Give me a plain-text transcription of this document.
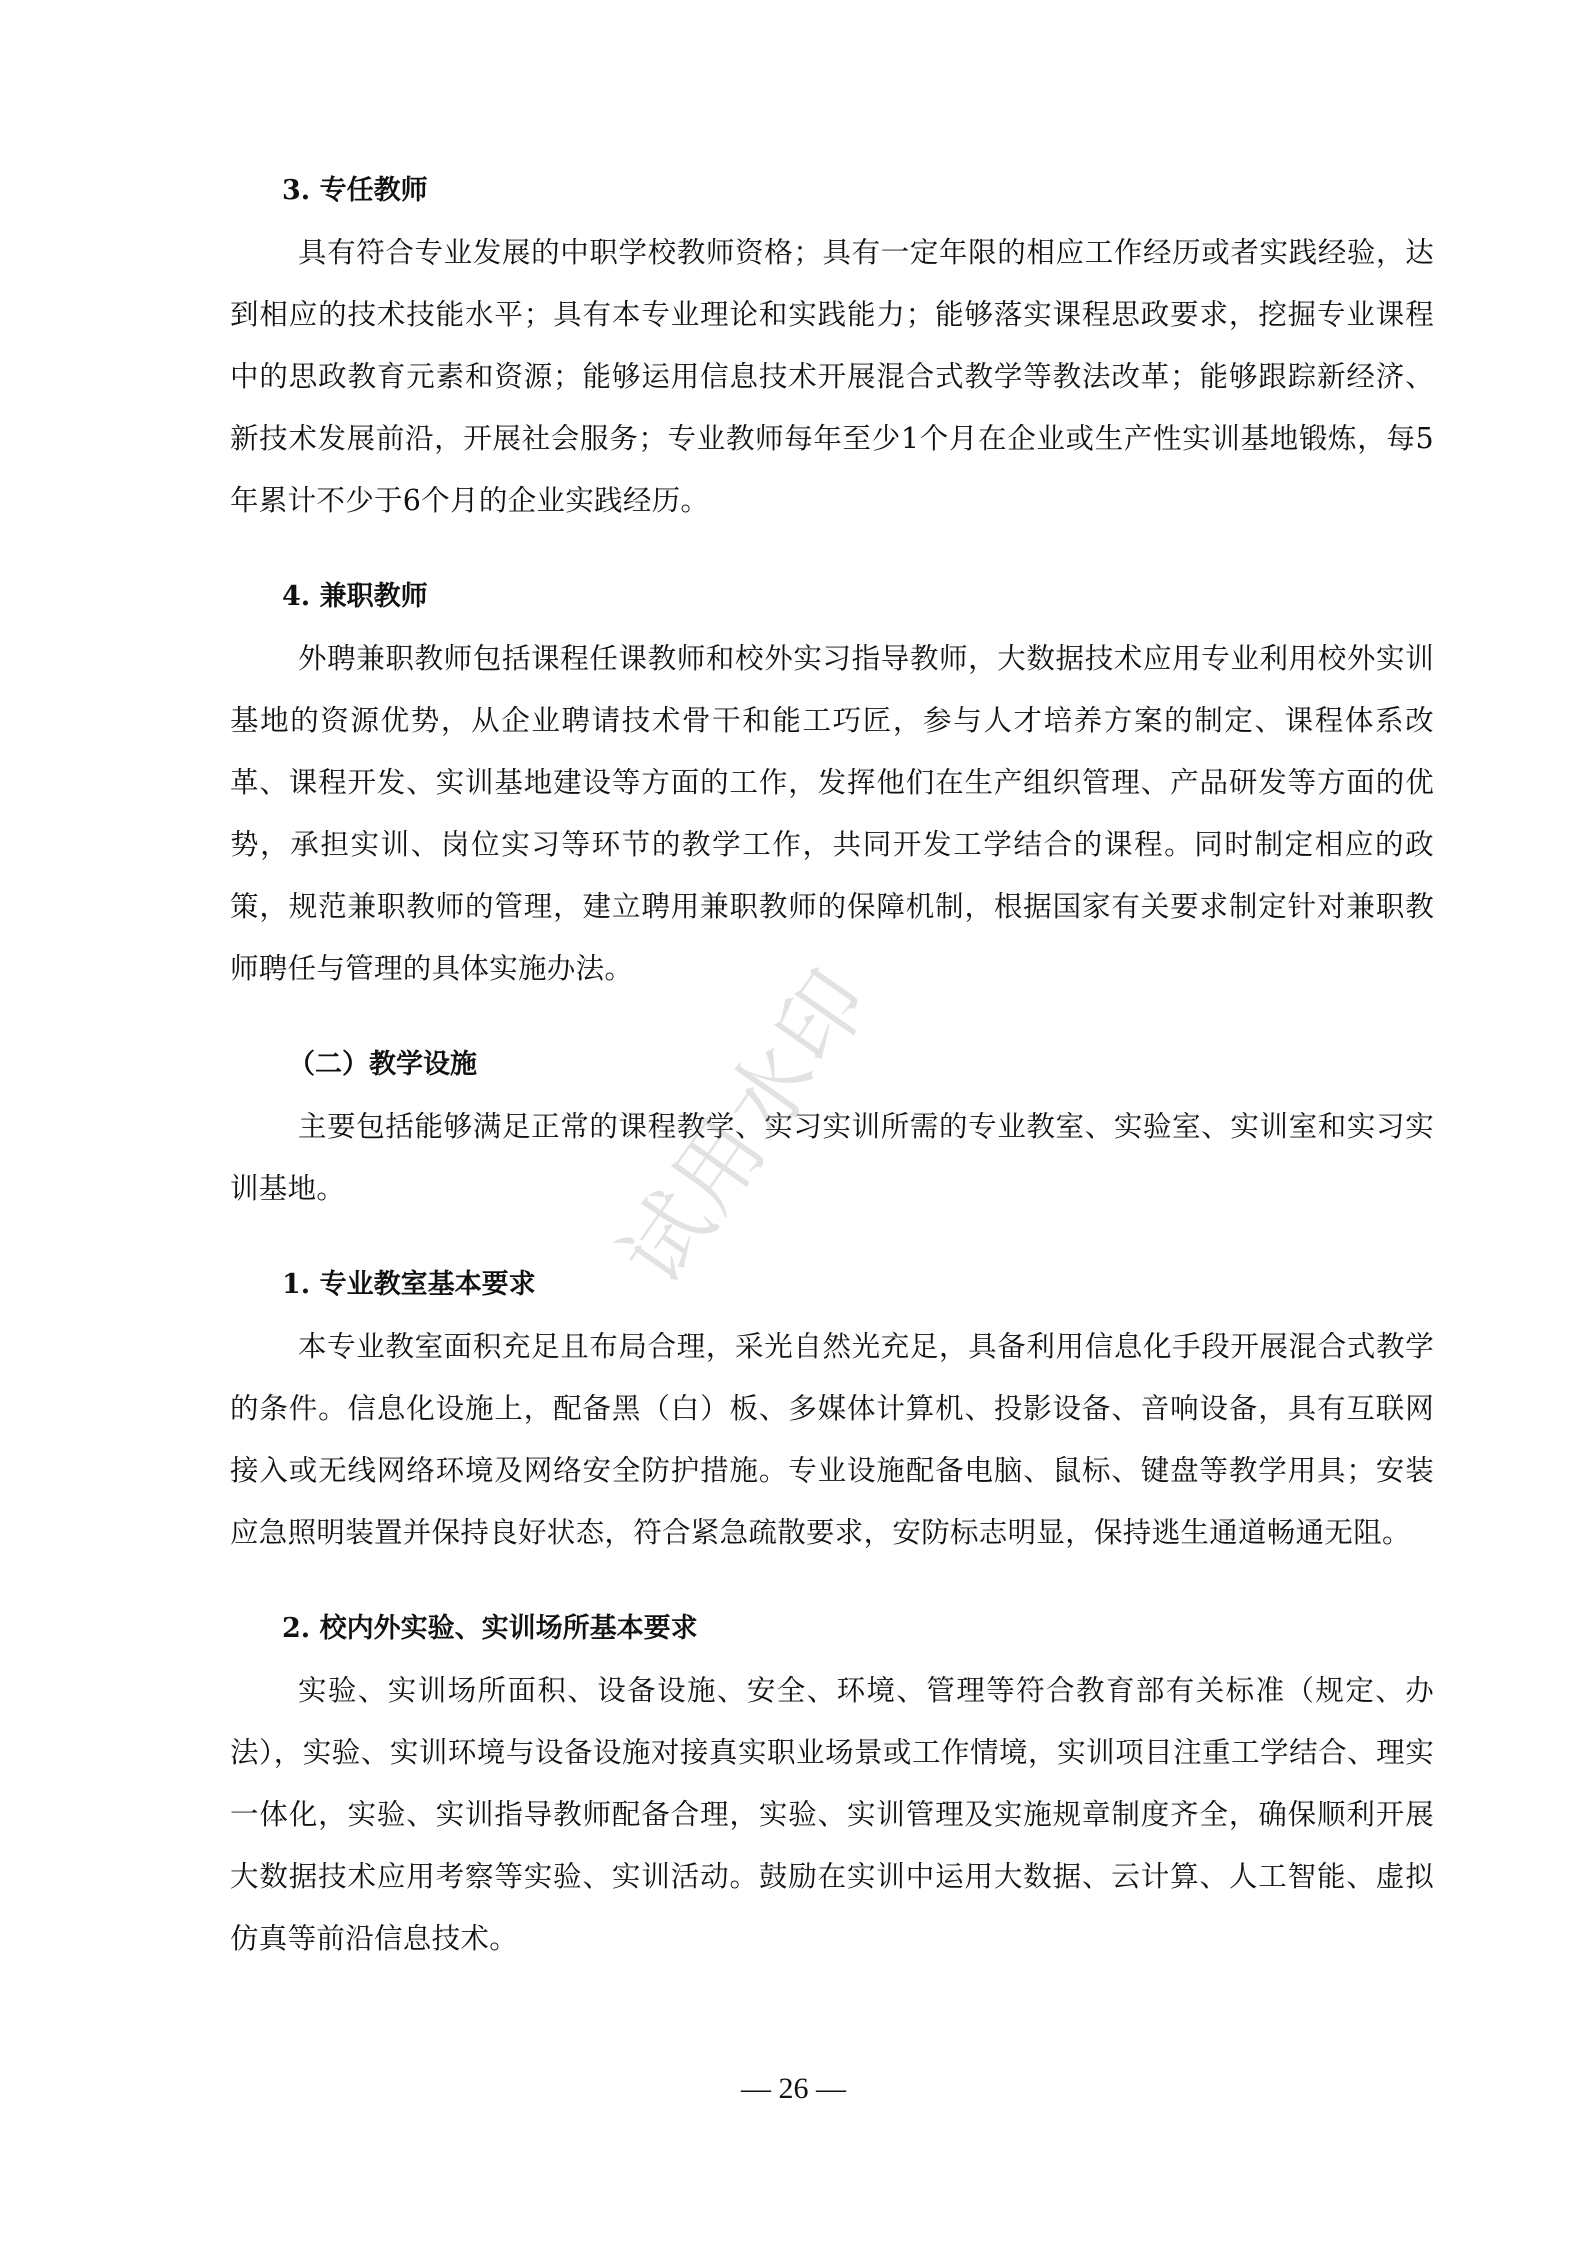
3. 专任教师

具有符合专业发展的中职学校教师资格；具有一定年限的相应工作经历或者实践经验，达到相应的技术技能水平；具有本专业理论和实践能力；能够落实课程思政要求，挖掘专业课程中的思政教育元素和资源；能够运用信息技术开展混合式教学等教法改革；能够跟踪新经济、新技术发展前沿，开展社会服务；专业教师每年至少1个月在企业或生产性实训基地锻炼，每5年累计不少于6个月的企业实践经历。

4. 兼职教师

外聘兼职教师包括课程任课教师和校外实习指导教师，大数据技术应用专业利用校外实训基地的资源优势，从企业聘请技术骨干和能工巧匠，参与人才培养方案的制定、课程体系改革、课程开发、实训基地建设等方面的工作，发挥他们在生产组织管理、产品研发等方面的优势，承担实训、岗位实习等环节的教学工作，共同开发工学结合的课程。同时制定相应的政策，规范兼职教师的管理，建立聘用兼职教师的保障机制，根据国家有关要求制定针对兼职教师聘任与管理的具体实施办法。

（二）教学设施

主要包括能够满足正常的课程教学、实习实训所需的专业教室、实验室、实训室和实习实训基地。

1. 专业教室基本要求

本专业教室面积充足且布局合理，采光自然光充足，具备利用信息化手段开展混合式教学的条件。信息化设施上，配备黑（白）板、多媒体计算机、投影设备、音响设备，具有互联网接入或无线网络环境及网络安全防护措施。专业设施配备电脑、鼠标、键盘等教学用具；安装应急照明装置并保持良好状态，符合紧急疏散要求，安防标志明显，保持逃生通道畅通无阻。

2. 校内外实验、实训场所基本要求

实验、实训场所面积、设备设施、安全、环境、管理等符合教育部有关标准（规定、办法），实验、实训环境与设备设施对接真实职业场景或工作情境，实训项目注重工学结合、理实一体化，实验、实训指导教师配备合理，实验、实训管理及实施规章制度齐全，确保顺利开展大数据技术应用考察等实验、实训活动。鼓励在实训中运用大数据、云计算、人工智能、虚拟仿真等前沿信息技术。

试用水印
— 26 —
